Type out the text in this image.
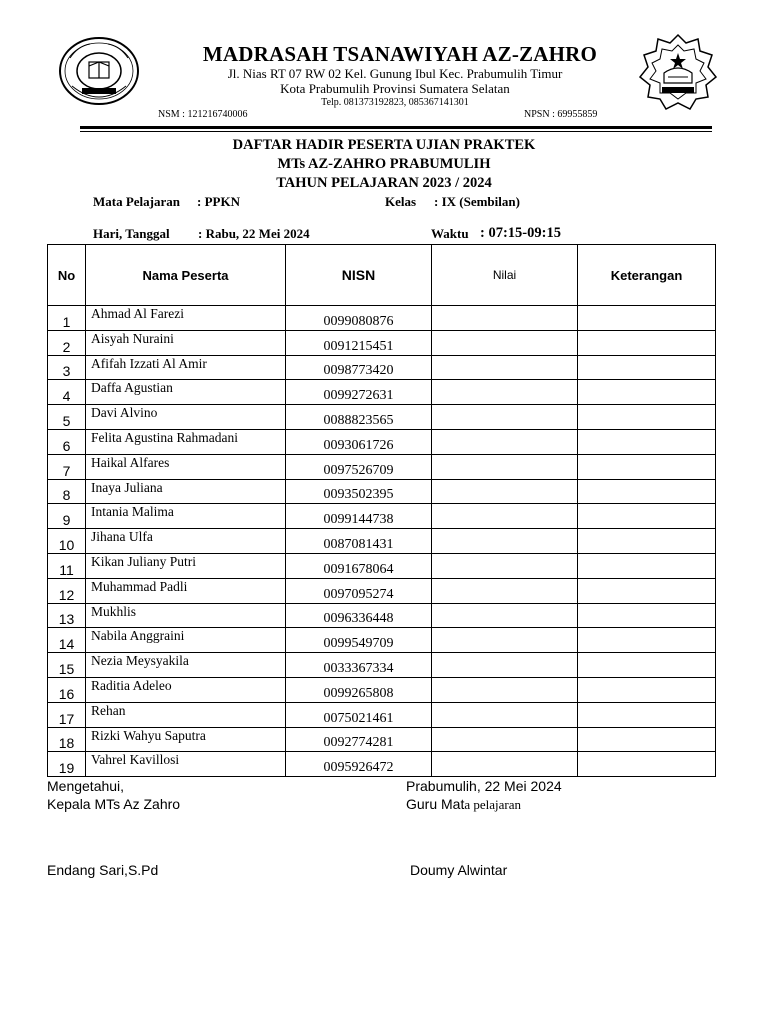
MADRASAH TSANAWIYAH AZ-ZAHRO
Jl. Nias RT 07 RW 02 Kel. Gunung Ibul Kec. Prabumulih Timur
Kota Prabumulih Provinsi Sumatera Selatan
Telp. 081373192823, 085367141301
NSM : 121216740006	NPSN : 69955859
DAFTAR HADIR PESERTA UJIAN PRAKTEK
MTs AZ-ZAHRO PRABUMULIH
TAHUN PELAJARAN 2023 / 2024
Mata Pelajaran : PPKN	Kelas : IX (Sembilan)
Hari, Tanggal : Rabu, 22 Mei 2024	Waktu : 07:15-09:15
No	Nama Peserta	NISN	Nilai	Keterangan
1	Ahmad Al Farezi	0099080876		
2	Aisyah Nuraini	0091215451		
3	Afifah Izzati Al Amir	0098773420		
4	Daffa Agustian	0099272631		
5	Davi Alvino	0088823565		
6	Felita Agustina Rahmadani	0093061726		
7	Haikal Alfares	0097526709		
8	Inaya Juliana	0093502395		
9	Intania Malima	0099144738		
10	Jihana Ulfa	0087081431		
11	Kikan Juliany Putri	0091678064		
12	Muhammad Padli	0097095274		
13	Mukhlis	0096336448		
14	Nabila Anggraini	0099549709		
15	Nezia Meysyakila	0033367334		
16	Raditia Adeleo	0099265808		
17	Rehan	0075021461		
18	Rizki Wahyu Saputra	0092774281		
19	Vahrel Kavillosi	0095926472		
Mengetahui,
Kepala MTs Az Zahro
Endang Sari,S.Pd
Prabumulih, 22 Mei 2024
Guru Mata pelajaran
Doumy Alwintar
